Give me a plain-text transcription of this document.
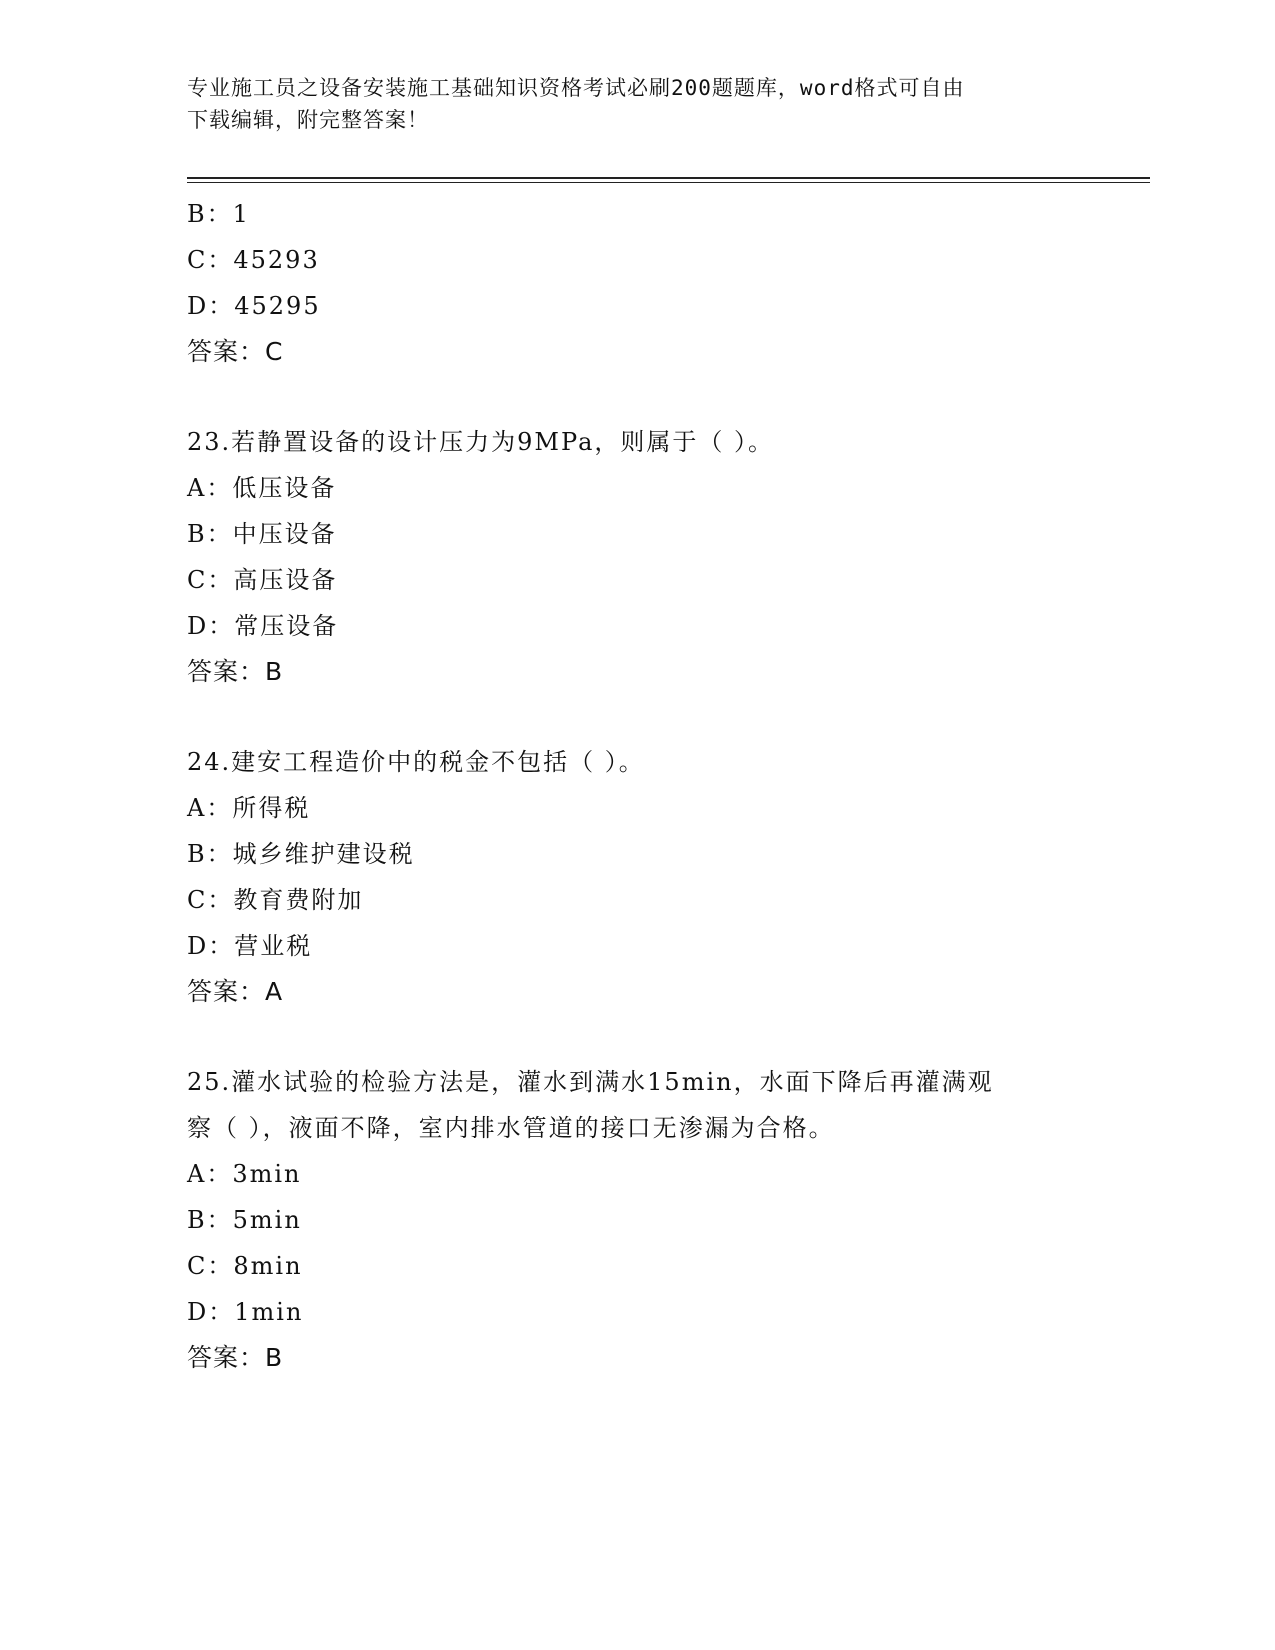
专业施工员之设备安装施工基础知识资格考试必刷200题题库，word格式可自由
下载编辑，附完整答案！
B：1
C：45293
D：45295
答案：C
23.若静置设备的设计压力为9MPa，则属于（ ）。
A：低压设备
B：中压设备
C：高压设备
D：常压设备
答案：B
24.建安工程造价中的税金不包括（ ）。
A：所得税
B：城乡维护建设税
C：教育费附加
D：营业税
答案：A
25.灌水试验的检验方法是，灌水到满水15min，水面下降后再灌满观
察（ ），液面不降，室内排水管道的接口无渗漏为合格。
A：3min
B：5min
C：8min
D：1min
答案：B
